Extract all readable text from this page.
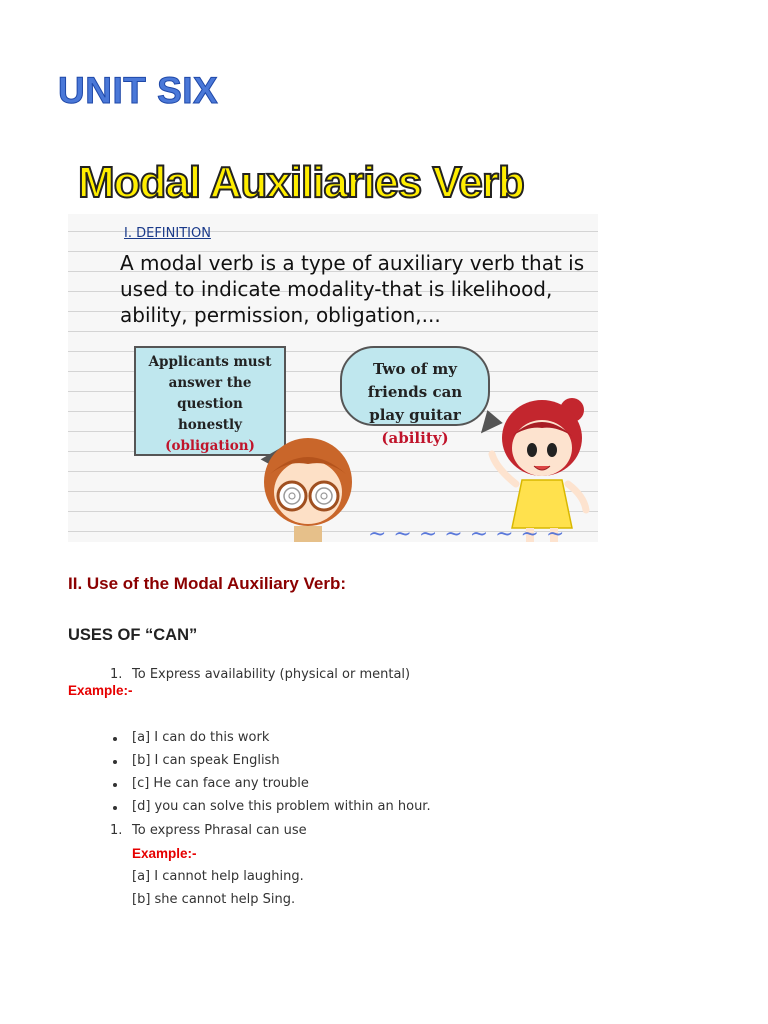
UNIT SIX
Modal Auxiliaries Verb
I. DEFINITION
A modal verb is a type of auxiliary verb that is used to indicate modality-that is likelihood, ability, permission, obligation,...
Applicants must
answer the
question
honestly
(obligation)
Two of my
friends can
play guitar
(ability)
~ ~ ~ ~ ~ ~ ~ ~
II. Use of the Modal Auxiliary Verb:
USES OF “CAN”
1. To Express availability (physical or mental)
Example:-
[a] I can do this work
[b] I can speak English
[c] He can face any trouble
[d] you can solve this problem within an hour.
1. To express Phrasal can use
Example:-
[a] I cannot help laughing.
[b] she cannot help Sing.
